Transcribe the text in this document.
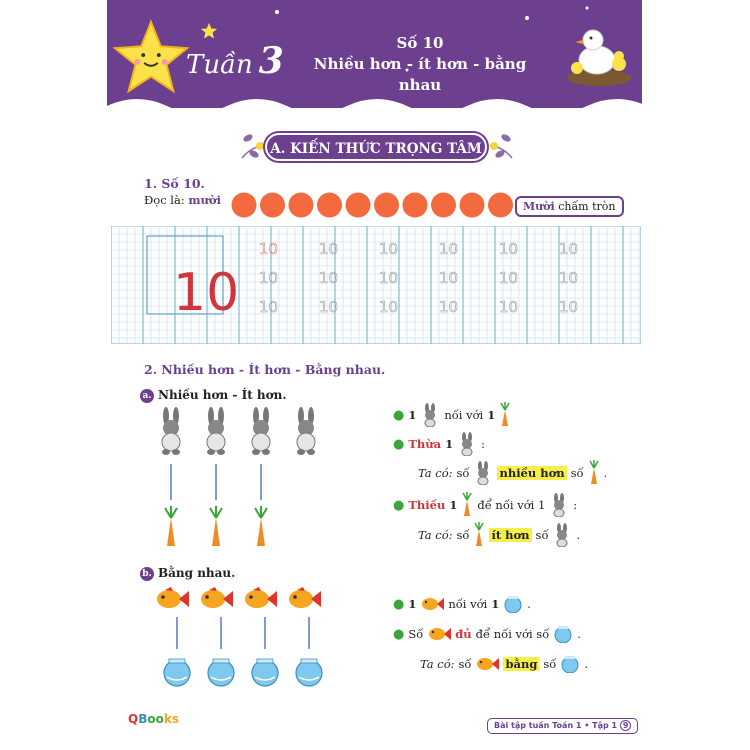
Tuần 3	Số 10
Nhiều hơn - ít hơn - bằng nhau
A. KIẾN THỨC TRỌNG TÂM
1. Số 10.
Đọc là: mười	Mười chấm tròn
10
10	10	10	10	10	10
10	10	10	10	10	10
10	10	10	10	10	10
2. Nhiều hơn - Ít hơn - Bằng nhau.
a. Nhiều hơn - Ít hơn.
● 1 nối với 1
● Thừa 1 :
Ta có: số	nhiều hơn số .
● Thiếu 1 để nối với 1 :
Ta có: số ít hơn số .
b. Bằng nhau.
● 1	nối với 1 .
● Số	đủ để nối với số .
Ta có: số	bằng số .
QBooks	Bài tập tuần Toán 1 • Tập 1 9
